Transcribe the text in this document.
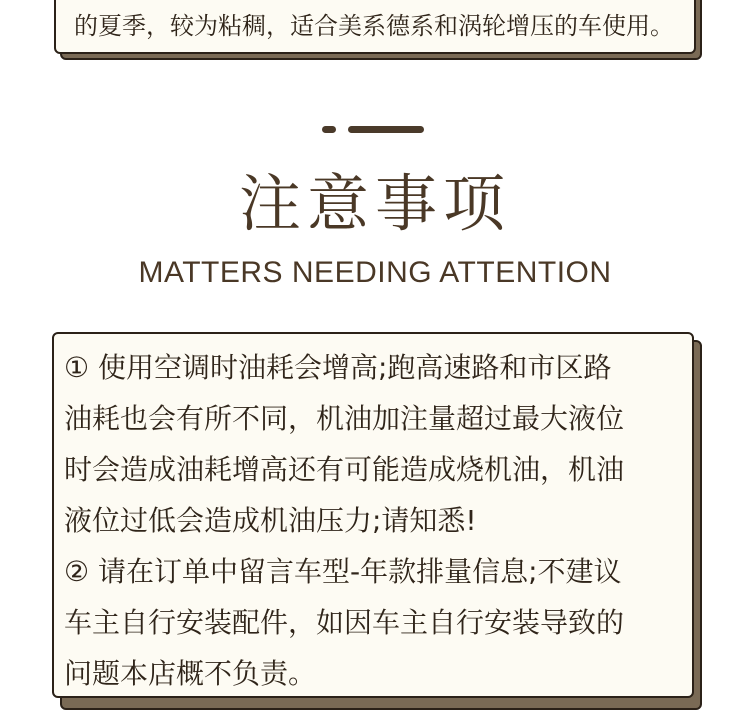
的夏季，较为粘稠，适合美系德系和涡轮增压的车使用。
注意事项
MATTERS NEEDING ATTENTION
① 使用空调时油耗会增高;跑高速路和市区路
油耗也会有所不同，机油加注量超过最大液位
时会造成油耗增高还有可能造成烧机油，机油
液位过低会造成机油压力;请知悉!
② 请在订单中留言车型-年款排量信息;不建议
车主自行安装配件，如因车主自行安装导致的
问题本店概不负责。
